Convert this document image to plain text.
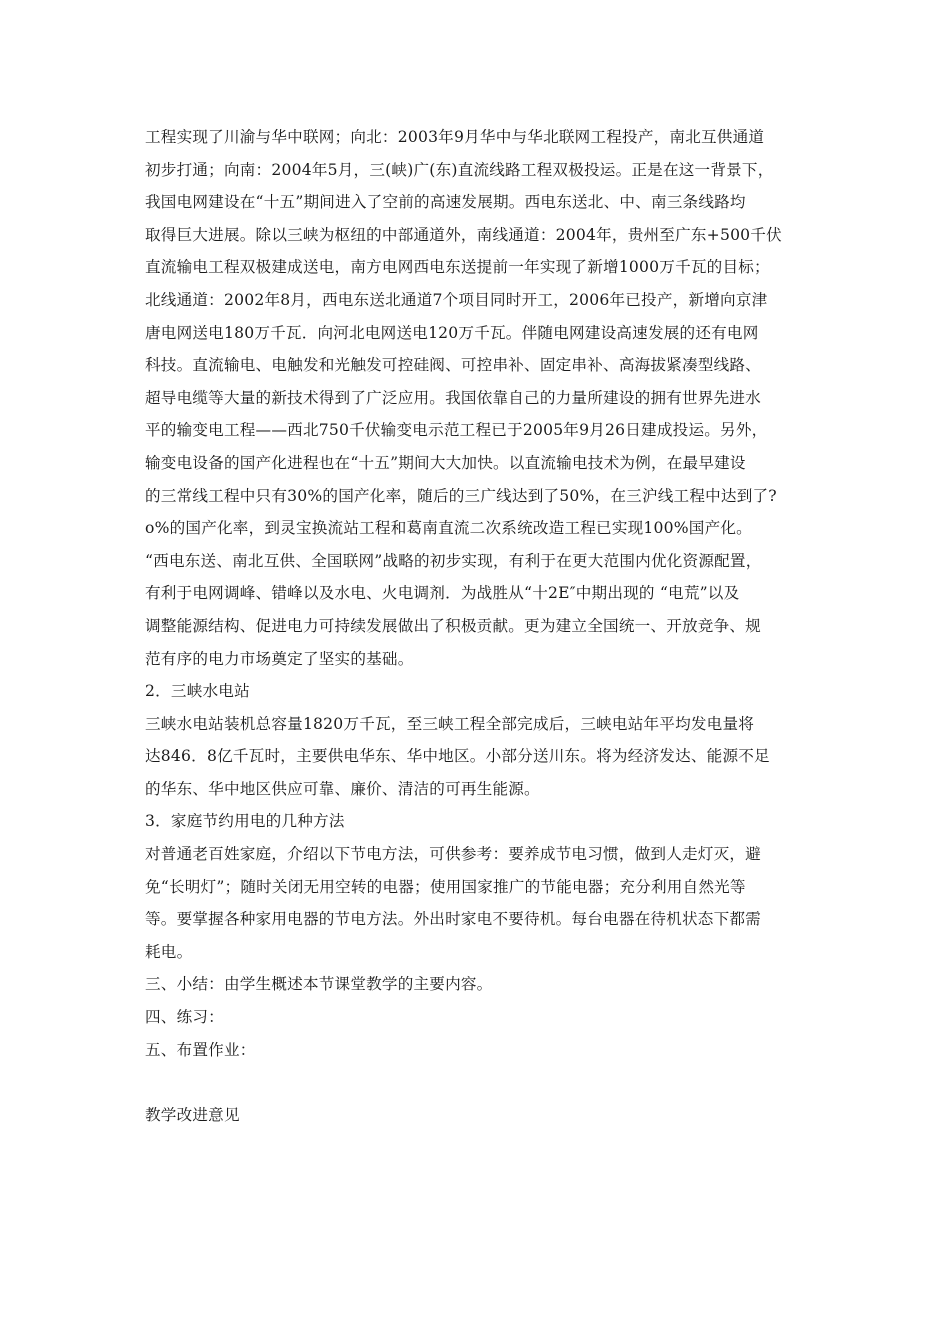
工程实现了川渝与华中联网；向北：2003年9月华中与华北联网工程投产，南北互供通道
初步打通；向南：2004年5月，三(峡)广(东)直流线路工程双极投运。正是在这一背景下，
我国电网建设在“十五”期间进入了空前的高速发展期。西电东送北、中、南三条线路均
取得巨大进展。除以三峡为枢纽的中部通道外，南线通道：2004年，贵州至广东+500千伏
直流输电工程双极建成送电，南方电网西电东送提前一年实现了新增1000万千瓦的目标；
北线通道：2002年8月，西电东送北通道7个项目同时开工，2006年已投产，新增向京津
唐电网送电180万千瓦．向河北电网送电120万千瓦。伴随电网建设高速发展的还有电网
科技。直流输电、电触发和光触发可控硅阀、可控串补、固定串补、高海拔紧凑型线路、
超导电缆等大量的新技术得到了广泛应用。我国依靠自己的力量所建设的拥有世界先进水
平的输变电工程——西北750千伏输变电示范工程已于2005年9月26日建成投运。另外，
输变电设备的国产化进程也在“十五”期间大大加快。以直流输电技术为例，在最早建设
的三常线工程中只有30%的国产化率，随后的三广线达到了50%，在三沪线工程中达到了?
o%的国产化率，到灵宝换流站工程和葛南直流二次系统改造工程已实现100%国产化。
“西电东送、南北互供、全国联网”战略的初步实现，有利于在更大范围内优化资源配置，
有利于电网调峰、错峰以及水电、火电调剂．为战胜从“十2E″中期出现的 “电荒”以及
调整能源结构、促进电力可持续发展做出了积极贡献。更为建立全国统一、开放竞争、规
范有序的电力市场奠定了坚实的基础。
2．三峡水电站
三峡水电站装机总容量1820万千瓦，至三峡工程全部完成后，三峡电站年平均发电量将
达846．8亿千瓦时，主要供电华东、华中地区。小部分送川东。将为经济发达、能源不足
的华东、华中地区供应可靠、廉价、清洁的可再生能源。
3．家庭节约用电的几种方法
对普通老百姓家庭，介绍以下节电方法，可供参考：要养成节电习惯，做到人走灯灭，避
免“长明灯”；随时关闭无用空转的电器；使用国家推广的节能电器；充分利用自然光等
等。要掌握各种家用电器的节电方法。外出时家电不要待机。每台电器在待机状态下都需
耗电。
三、小结：由学生概述本节课堂教学的主要内容。
四、练习：
五、布置作业：
教学改进意见
